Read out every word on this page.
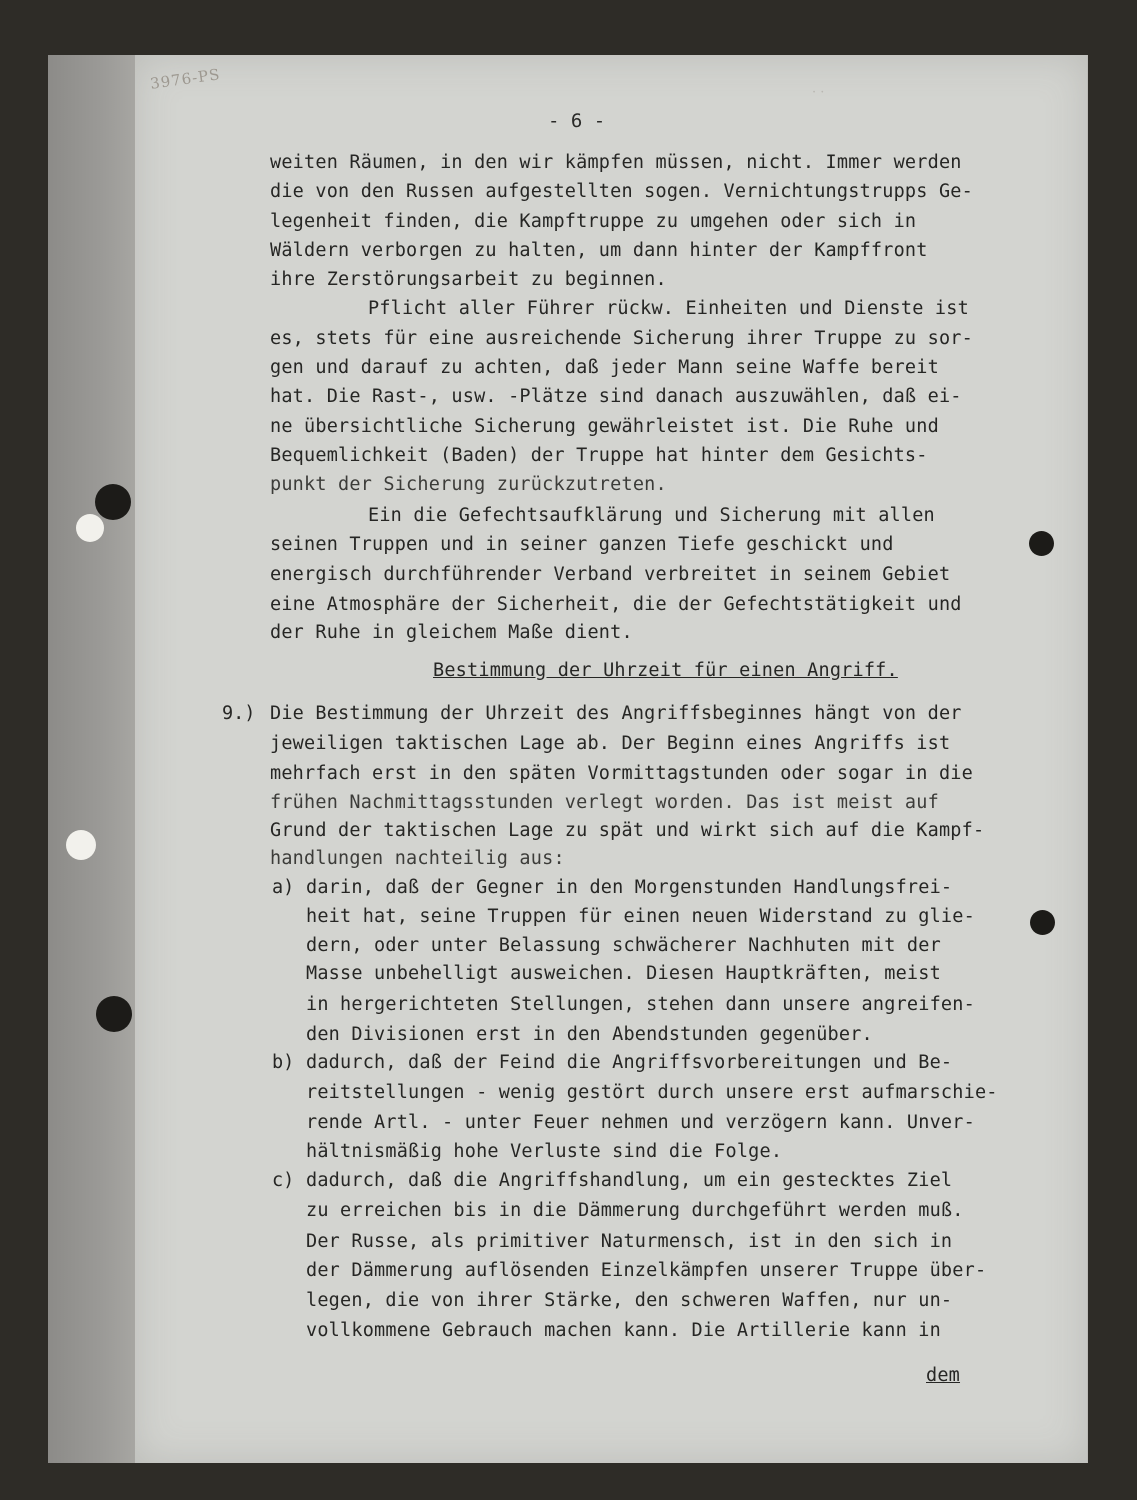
3976-PS	· ·
- 6 -
weiten Räumen, in den wir kämpfen müssen, nicht. Immer werden
die von den Russen aufgestellten sogen. Vernichtungstrupps Ge-
legenheit finden, die Kampftruppe zu umgehen oder sich in
Wäldern verborgen zu halten, um dann hinter der Kampffront
ihre Zerstörungsarbeit zu beginnen.
Pflicht aller Führer rückw. Einheiten und Dienste ist
es, stets für eine ausreichende Sicherung ihrer Truppe zu sor-
gen und darauf zu achten, daß jeder Mann seine Waffe bereit
hat. Die Rast-, usw. -Plätze sind danach auszuwählen, daß ei-
ne übersichtliche Sicherung gewährleistet ist. Die Ruhe und
Bequemlichkeit (Baden) der Truppe hat hinter dem Gesichts-
punkt der Sicherung zurückzutreten.
Ein die Gefechtsaufklärung und Sicherung mit allen
seinen Truppen und in seiner ganzen Tiefe geschickt und
energisch durchführender Verband verbreitet in seinem Gebiet
eine Atmosphäre der Sicherheit, die der Gefechtstätigkeit und
der Ruhe in gleichem Maße dient.
Bestimmung der Uhrzeit für einen Angriff.
9.) Die Bestimmung der Uhrzeit des Angriffsbeginnes hängt von der
jeweiligen taktischen Lage ab. Der Beginn eines Angriffs ist
mehrfach erst in den späten Vormittagstunden oder sogar in die
frühen Nachmittagsstunden verlegt worden. Das ist meist auf
Grund der taktischen Lage zu spät und wirkt sich auf die Kampf-
handlungen nachteilig aus:
a) darin, daß der Gegner in den Morgenstunden Handlungsfrei-
heit hat, seine Truppen für einen neuen Widerstand zu glie-
dern, oder unter Belassung schwächerer Nachhuten mit der
Masse unbehelligt ausweichen. Diesen Hauptkräften, meist
in hergerichteten Stellungen, stehen dann unsere angreifen-
den Divisionen erst in den Abendstunden gegenüber.
b) dadurch, daß der Feind die Angriffsvorbereitungen und Be-
reitstellungen - wenig gestört durch unsere erst aufmarschie-
rende Artl. - unter Feuer nehmen und verzögern kann. Unver-
hältnismäßig hohe Verluste sind die Folge.
c) dadurch, daß die Angriffshandlung, um ein gestecktes Ziel
zu erreichen bis in die Dämmerung durchgeführt werden muß.
Der Russe, als primitiver Naturmensch, ist in den sich in
der Dämmerung auflösenden Einzelkämpfen unserer Truppe über-
legen, die von ihrer Stärke, den schweren Waffen, nur un-
vollkommene Gebrauch machen kann. Die Artillerie kann in
dem
